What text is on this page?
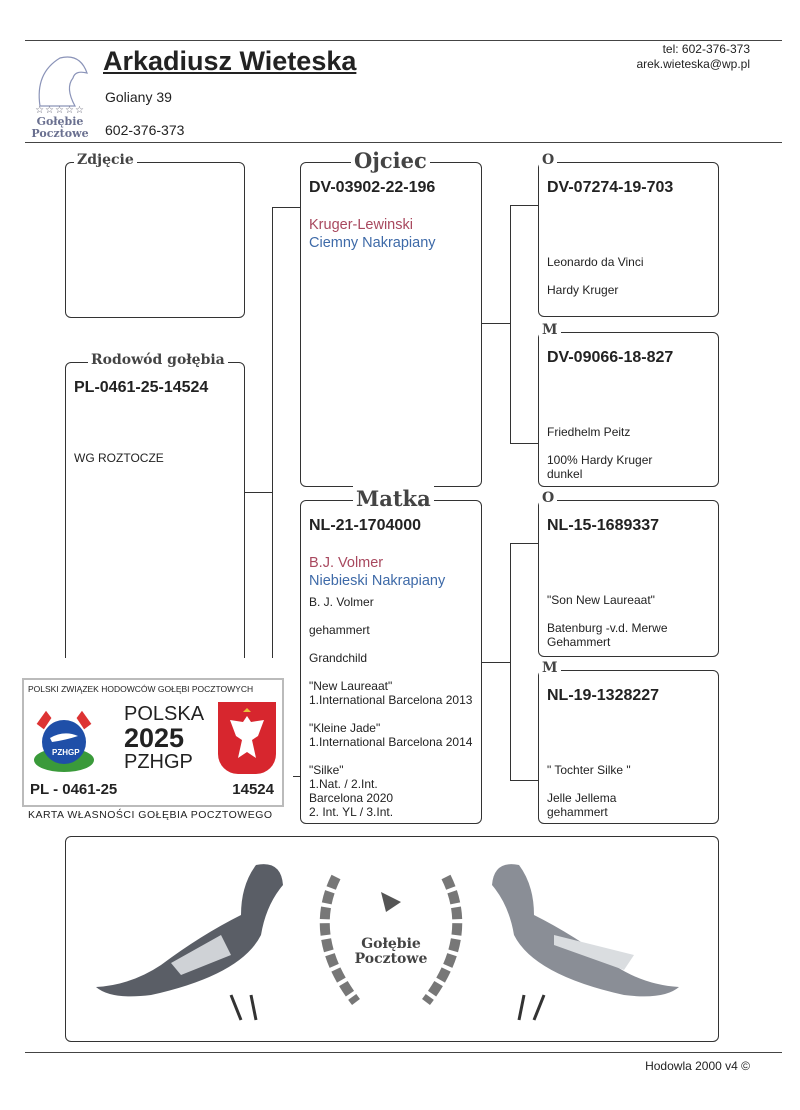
☆☆☆☆☆
Gołębie Pocztowe
Arkadiusz Wieteska
Goliany 39
602-376-373
tel: 602-376-373
arek.wieteska@wp.pl
Zdjęcie
Rodowód gołębia
PL-0461-25-14524
WG ROZTOCZE
Ojciec
DV-03902-22-196
Kruger-Lewinski
Ciemny Nakrapiany
Matka
NL-21-1704000
B.J. Volmer
Niebieski Nakrapiany
B. J. Volmer
gehammert
Grandchild
"New Laureaat"
1.International Barcelona 2013
"Kleine Jade"
1.International Barcelona 2014
"Silke"
1.Nat. / 2.Int.
Barcelona 2020
2. Int. YL / 3.Int.
O
DV-07274-19-703
Leonardo da Vinci
Hardy Kruger
M
DV-09066-18-827
Friedhelm Peitz
100% Hardy Kruger
dunkel
O
NL-15-1689337
"Son New Laureaat"
Batenburg -v.d. Merwe
Gehammert
M
NL-19-1328227
" Tochter Silke "
Jelle Jellema
gehammert
POLSKI ZWIĄZEK HODOWCÓW GOŁĘBI POCZTOWYCH
PZHGP
POLSKA
2025
PZHGP
PL - 0461-25	14524
KARTA WŁASNOŚCI GOŁĘBIA POCZTOWEGO
Gołębie Pocztowe
Hodowla 2000 v4 ©
